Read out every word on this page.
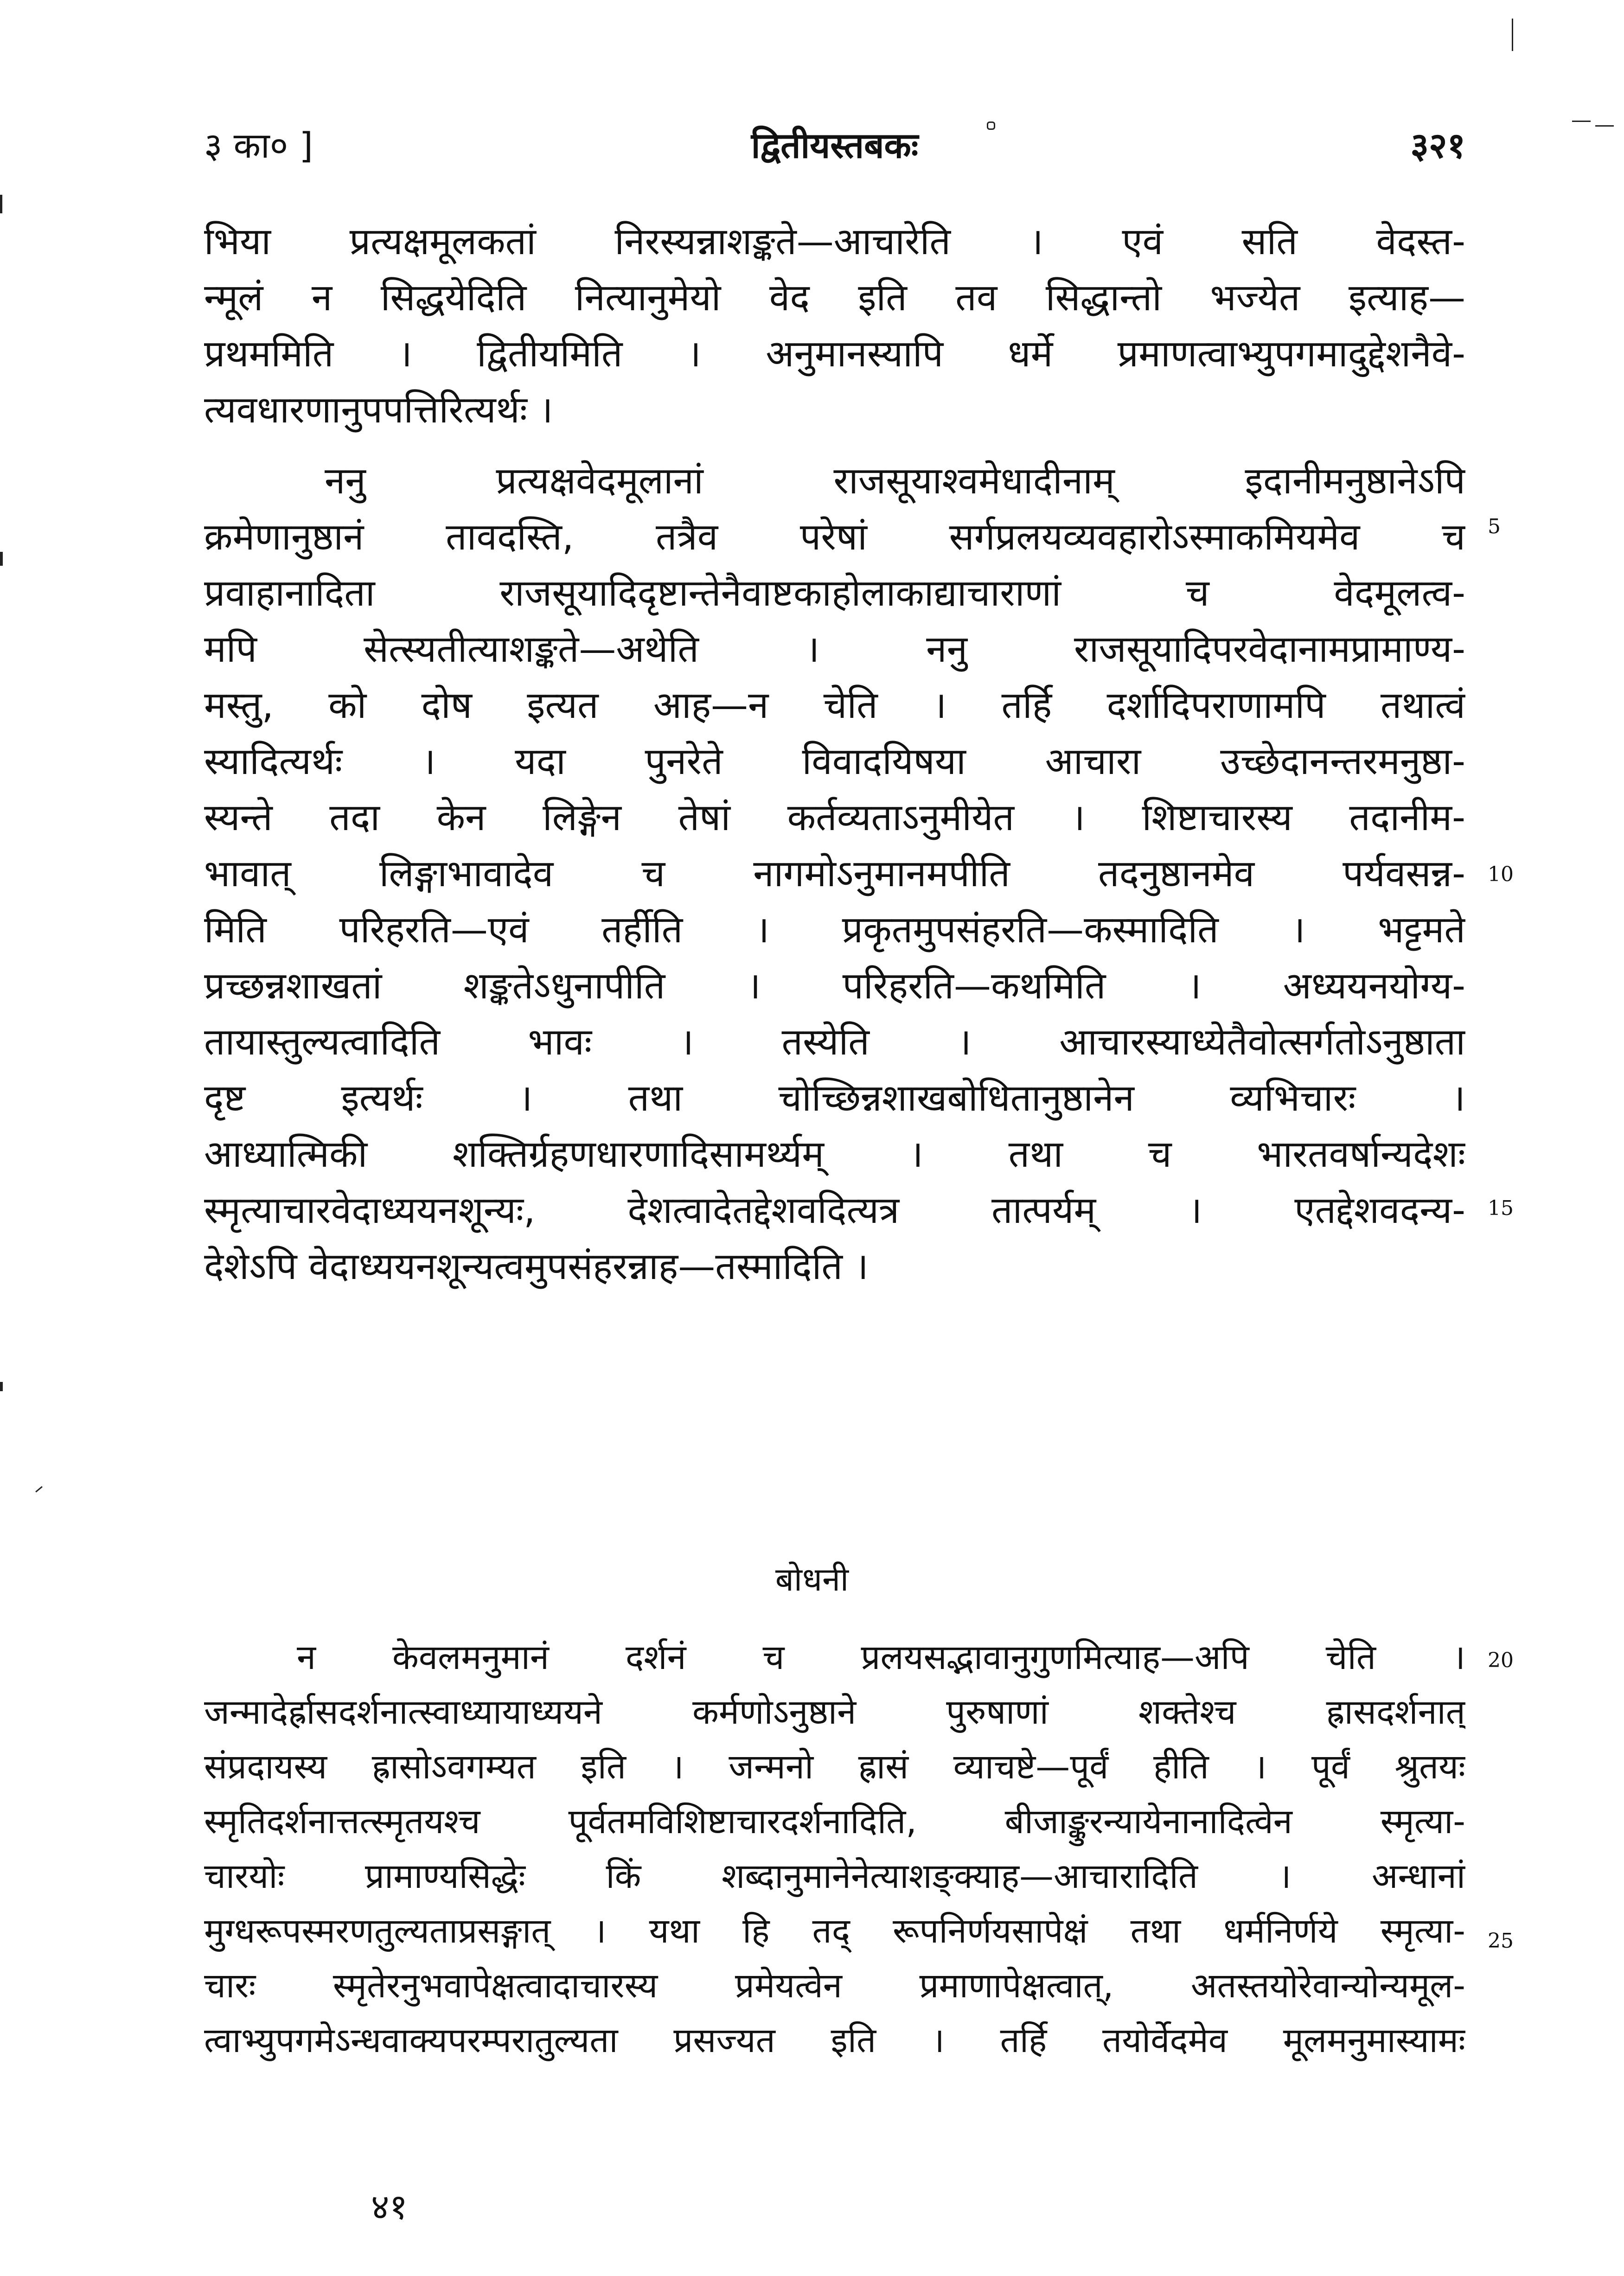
३ का० ]	द्वितीयस्तबकः	३२१
भिया प्रत्यक्षमूलकतां निरस्यन्नाशङ्कते—आचारेति । एवं सति वेदस्त-
न्मूलं न सिद्धयेदिति नित्यानुमेयो वेद इति तव सिद्धान्तो भज्येत इत्याह—
प्रथममिति । द्वितीयमिति । अनुमानस्यापि धर्मे प्रमाणत्वाभ्युपगमादुद्देशनैवे-
त्यवधारणानुपपत्तिरित्यर्थः ।
ननु प्रत्यक्षवेदमूलानां राजसूयाश्वमेधादीनाम् इदानीमनुष्ठानेऽपि
क्रमेणानुष्ठानं तावदस्ति, तत्रैव परेषां सर्गप्रलयव्यवहारोऽस्माकमियमेव च
प्रवाहानादिता राजसूयादिदृष्टान्तेनैवाष्टकाहोलाकाद्याचाराणां च वेदमूलत्व-
मपि सेत्स्यतीत्याशङ्कते—अथेति । ननु राजसूयादिपरवेदानामप्रामाण्य-
मस्तु, को दोष इत्यत आह—न चेति । तर्हि दर्शादिपराणामपि तथात्वं
स्यादित्यर्थः । यदा पुनरेते विवादयिषया आचारा उच्छेदानन्तरमनुष्ठा-
स्यन्ते तदा केन लिङ्गेन तेषां कर्तव्यताऽनुमीयेत । शिष्टाचारस्य तदानीम-
भावात् लिङ्गाभावादेव च नागमोऽनुमानमपीति तदनुष्ठानमेव पर्यवसन्न-
मिति परिहरति—एवं तर्हीति । प्रकृतमुपसंहरति—कस्मादिति । भट्टमते
प्रच्छन्नशाखतां शङ्कतेऽधुनापीति । परिहरति—कथमिति । अध्ययनयोग्य-
तायास्तुल्यत्वादिति भावः । तस्येति । आचारस्याध्येतैवोत्सर्गतोऽनुष्ठाता
दृष्ट इत्यर्थः । तथा चोच्छिन्नशाखबोधितानुष्ठानेन व्यभिचारः ।
आध्यात्मिकी शक्तिर्ग्रहणधारणादिसामर्थ्यम् । तथा च भारतवर्षान्यदेशः
स्मृत्याचारवेदाध्ययनशून्यः, देशत्वादेतद्देशवदित्यत्र तात्पर्यम् । एतद्देशवदन्य-
देशेऽपि वेदाध्ययनशून्यत्वमुपसंहरन्नाह—तस्मादिति ।
5
10
15
बोधनी
न केवलमनुमानं दर्शनं च प्रलयसद्भावानुगुणमित्याह—अपि चेति ।
जन्मादेर्ह्रासदर्शनात्स्वाध्यायाध्ययने कर्मणोऽनुष्ठाने पुरुषाणां शक्तेश्च ह्रासदर्शनात्
संप्रदायस्य ह्रासोऽवगम्यत इति । जन्मनो ह्रासं व्याचष्टे—पूर्वं हीति । पूर्वं श्रुतयः
स्मृतिदर्शनात्तत्स्मृतयश्च पूर्वतमविशिष्टाचारदर्शनादिति, बीजाङ्कुरन्यायेनानादित्वेन स्मृत्या-
चारयोः प्रामाण्यसिद्धेः किं शब्दानुमानेनेत्याशङ्क्याह—आचारादिति । अन्धानां
मुग्धरूपस्मरणतुल्यताप्रसङ्गात् । यथा हि तद् रूपनिर्णयसापेक्षं तथा धर्मनिर्णये स्मृत्या-
चारः स्मृतेरनुभवापेक्षत्वादाचारस्य प्रमेयत्वेन प्रमाणापेक्षत्वात्, अतस्तयोरेवान्योन्यमूल-
त्वाभ्युपगमेऽन्धवाक्यपरम्परातुल्यता प्रसज्यत इति । तर्हि तयोर्वेदमेव मूलमनुमास्यामः
20
25
४१
